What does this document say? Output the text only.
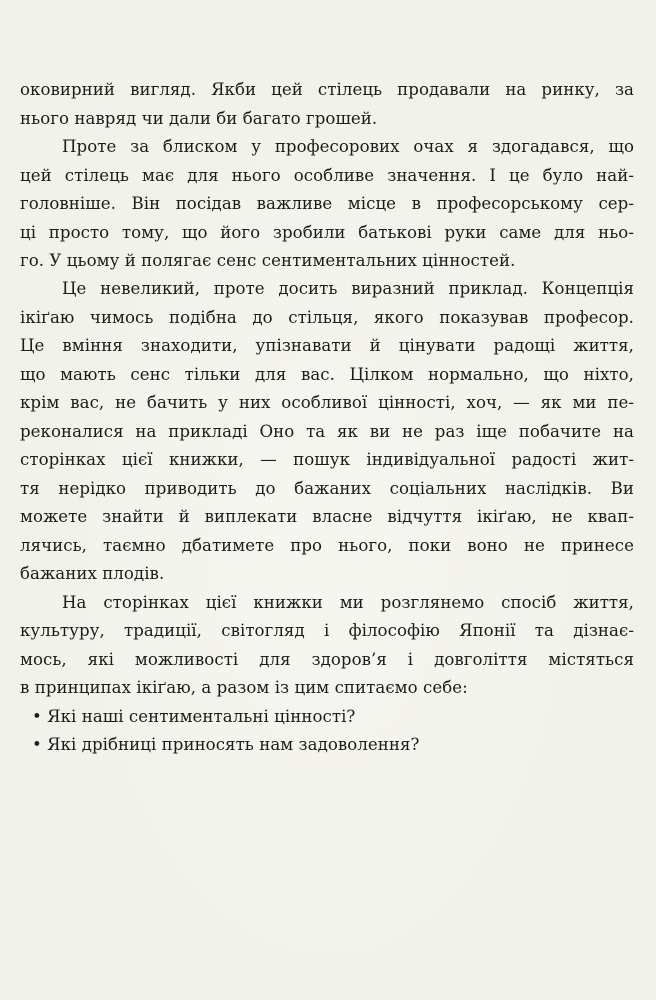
оковирний вигляд. Якби цей стілець продавали на ринку, за
нього навряд чи дали би багато грошей.
Проте за блиском у професорових очах я здогадався, що
цей стілець має для нього особливе значення. І це було най-
головніше. Він посідав важливе місце в професорському сер-
ці просто тому, що його зробили батькові руки саме для ньо-
го. У цьому й полягає сенс сентиментальних цінностей.
Це невеликий, проте досить виразний приклад. Концепція
ікіґаю чимось подібна до стільця, якого показував професор.
Це вміння знаходити, упізнавати й цінувати радощі життя,
що мають сенс тільки для вас. Цілком нормально, що ніхто,
крім вас, не бачить у них особливої цінності, хоч, — як ми пе-
реконалися на прикладі Оно та як ви не раз іще побачите на
сторінках цієї книжки, — пошук індивідуальної радості жит-
тя нерідко приводить до бажаних соціальних наслідків. Ви
можете знайти й виплекати власне відчуття ікіґаю, не квап-
лячись, таємно дбатимете про нього, поки воно не принесе
бажаних плодів.
На сторінках цієї книжки ми розглянемо спосіб життя,
культуру, традиції, світогляд і філософію Японії та дізнає-
мось, які можливості для здоров’я і довголіття містяться
в принципах ікіґаю, а разом із цим спитаємо себе:
• Які наші сентиментальні цінності?
• Які дрібниці приносять нам задоволення?
